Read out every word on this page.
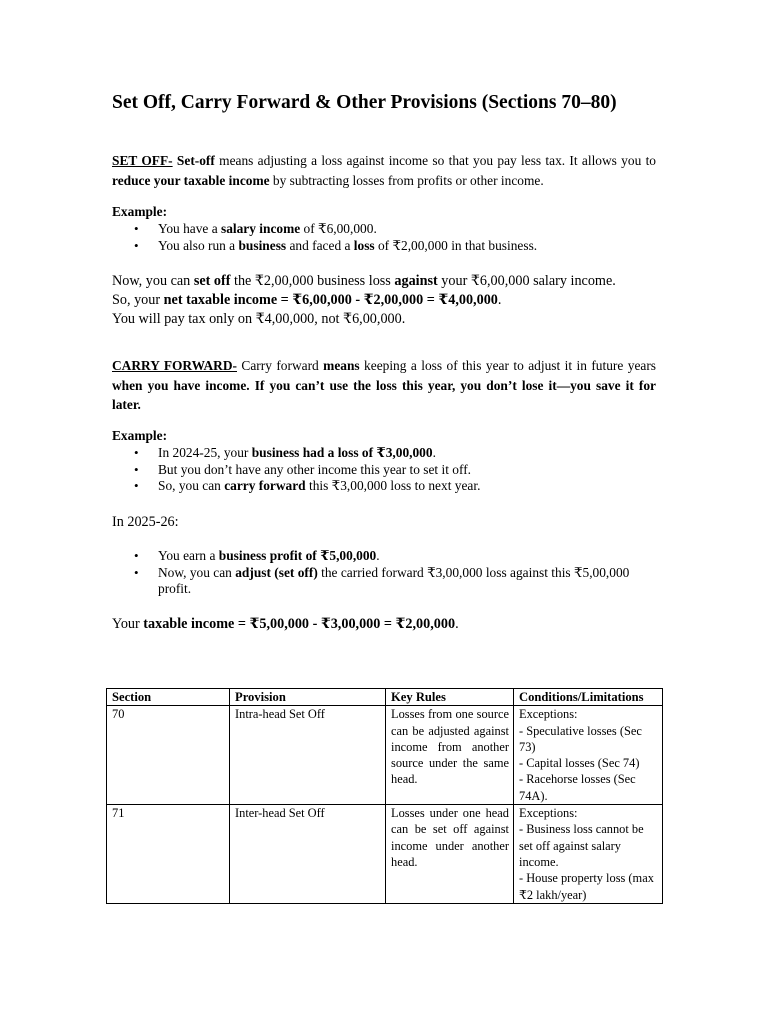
Set Off, Carry Forward & Other Provisions (Sections 70–80)

SET OFF- Set-off means adjusting a loss against income so that you pay less tax. It allows you to reduce your taxable income by subtracting losses from profits or other income.

Example:

• You have a salary income of ₹6,00,000.
• You also run a business and faced a loss of ₹2,00,000 in that business.

Now, you can set off the ₹2,00,000 business loss against your ₹6,00,000 salary income.
So, your net taxable income = ₹6,00,000 - ₹2,00,000 = ₹4,00,000.
You will pay tax only on ₹4,00,000, not ₹6,00,000.

CARRY FORWARD- Carry forward means keeping a loss of this year to adjust it in future years when you have income. If you can’t use the loss this year, you don’t lose it—you save it for later.

Example:

• In 2024-25, your business had a loss of ₹3,00,000.
• But you don’t have any other income this year to set it off.
• So, you can carry forward this ₹3,00,000 loss to next year.

In 2025-26:

• You earn a business profit of ₹5,00,000.
• Now, you can adjust (set off) the carried forward ₹3,00,000 loss against this ₹5,00,000 profit.

Your taxable income = ₹5,00,000 - ₹3,00,000 = ₹2,00,000.

Section	Provision	Key Rules	Conditions/Limitations
70	Intra-head Set Off	Losses from one source can be adjusted against income from another source under the same head.	Exceptions:
- Speculative losses (Sec 73)
- Capital losses (Sec 74)
- Racehorse losses (Sec 74A).

71	Inter-head Set Off	Losses under one head can be set off against income under another head.	Exceptions:
- Business loss cannot be set off against salary income.
- House property loss (max ₹2 lakh/year)
